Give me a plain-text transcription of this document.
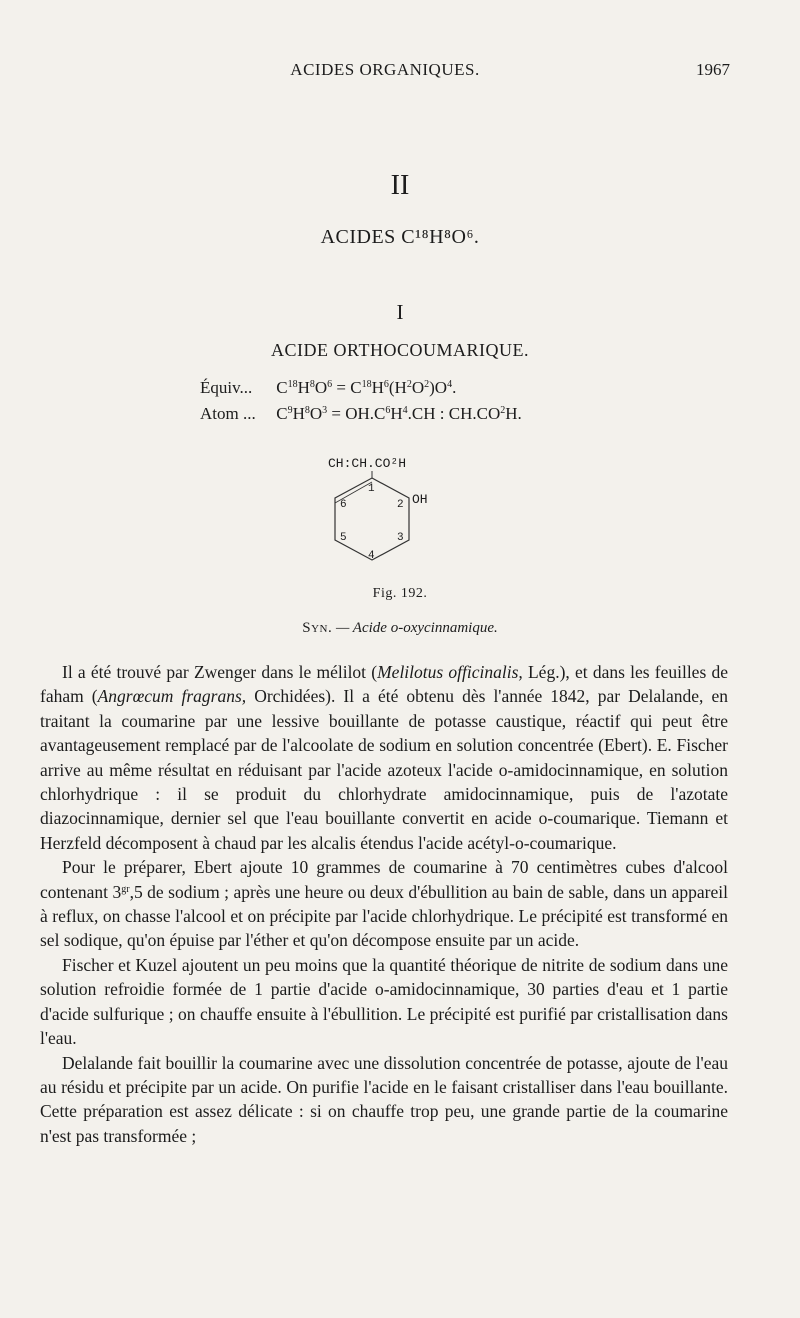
ACIDES ORGANIQUES.	1967
II
ACIDES C¹⁸H⁸O⁶.
I
ACIDE ORTHOCOUMARIQUE.
Équiv... $C^{18}H^8O^6 = C^{18}H^6(H^2O^2)O^4$.
Atom ... $C^9H^8O^3 = OH.C^6H^4.CH$ : $CH.CO^2H$.
CH:CH.CO²H
1
2
3
4
5
6	OH
Fig. 192.
Syn. — Acide o-oxycinnamique.

Il a été trouvé par Zwenger dans le mélilot (Melilotus officinalis, Lég.), et dans les feuilles de faham (Angrœcum fragrans, Orchidées). Il a été obtenu dès l'année 1842, par Delalande, en traitant la coumarine par une lessive bouillante de potasse caustique, réactif qui peut être avantageusement remplacé par de l'alcoolate de sodium en solution concentrée (Ebert). E. Fischer arrive au même résultat en réduisant par l'acide azoteux l'acide o-amidocinnamique, en solution chlorhydrique : il se produit du chlorhydrate amidocinnamique, puis de l'azotate diazocinnamique, dernier sel que l'eau bouillante convertit en acide o-coumarique. Tiemann et Herzfeld décomposent à chaud par les alcalis étendus l'acide acétyl-o-coumarique.

Pour le préparer, Ebert ajoute 10 grammes de coumarine à 70 centimètres cubes d'alcool contenant $3^{gr},5$ de sodium ; après une heure ou deux d'ébullition au bain de sable, dans un appareil à reflux, on chasse l'alcool et on précipite par l'acide chlorhydrique. Le précipité est transformé en sel sodique, qu'on épuise par l'éther et qu'on décompose ensuite par un acide.

Fischer et Kuzel ajoutent un peu moins que la quantité théorique de nitrite de sodium dans une solution refroidie formée de 1 partie d'acide o-amidocinnamique, 30 parties d'eau et 1 partie d'acide sulfurique ; on chauffe ensuite à l'ébullition. Le précipité est purifié par cristallisation dans l'eau.

Delalande fait bouillir la coumarine avec une dissolution concentrée de potasse, ajoute de l'eau au résidu et précipite par un acide. On purifie l'acide en le faisant cristalliser dans l'eau bouillante. Cette préparation est assez délicate : si on chauffe trop peu, une grande partie de la coumarine n'est pas transformée ;
